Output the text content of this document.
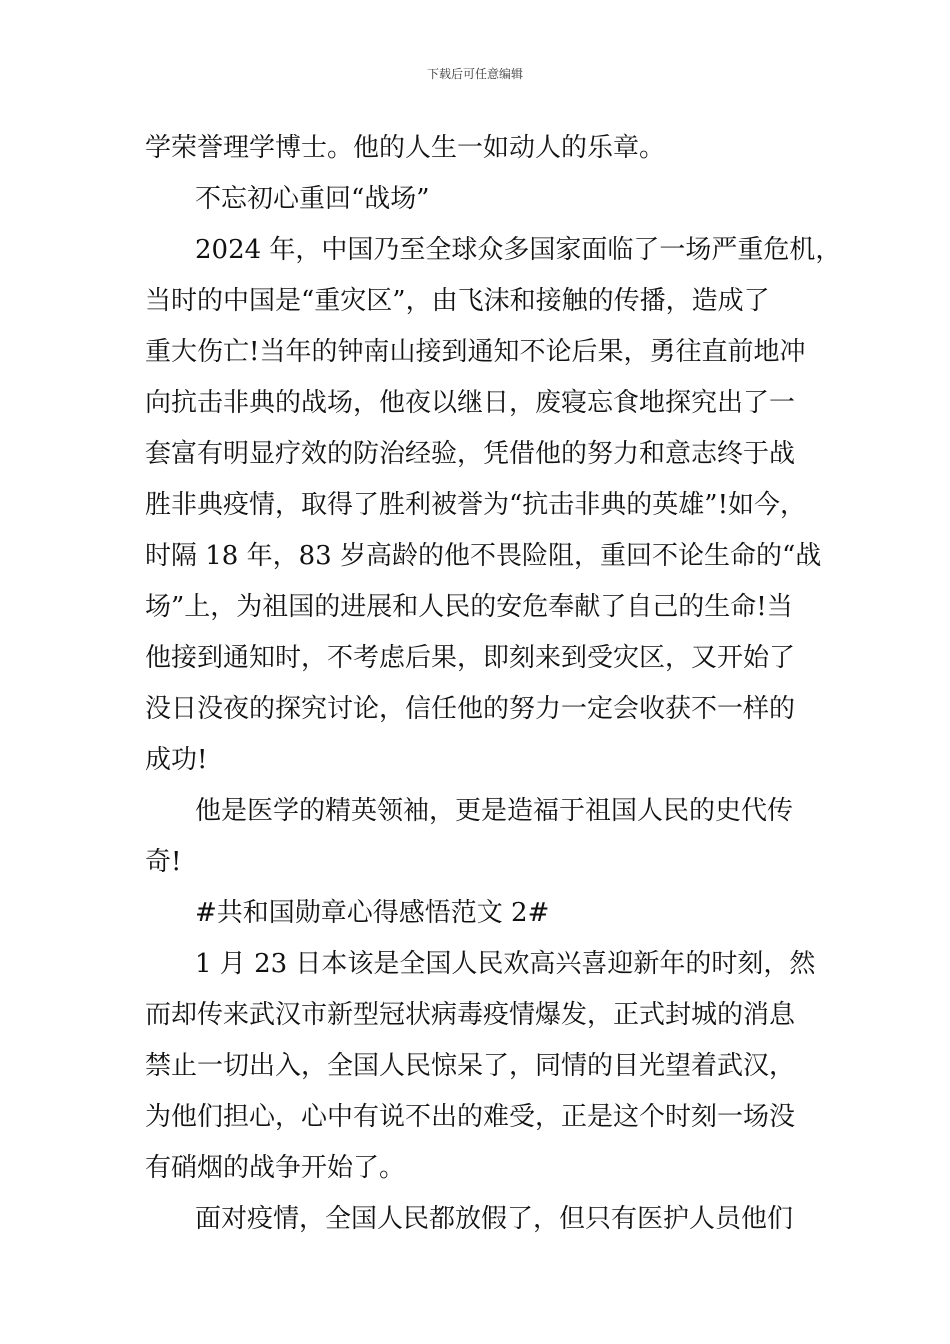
下载后可任意编辑
学荣誉理学博士。他的人生一如动人的乐章。
不忘初心重回“战场”
2024 年，中国乃至全球众多国家面临了一场严重危机，
当时的中国是“重灾区”，由飞沫和接触的传播，造成了
重大伤亡!当年的钟南山接到通知不论后果，勇往直前地冲
向抗击非典的战场，他夜以继日，废寝忘食地探究出了一
套富有明显疗效的防治经验，凭借他的努力和意志终于战
胜非典疫情，取得了胜利被誉为“抗击非典的英雄”!如今，
时隔 18 年，83 岁高龄的他不畏险阻，重回不论生命的“战
场”上，为祖国的进展和人民的安危奉献了自己的生命!当
他接到通知时，不考虑后果，即刻来到受灾区，又开始了
没日没夜的探究讨论，信任他的努力一定会收获不一样的
成功!
他是医学的精英领袖，更是造福于祖国人民的史代传
奇!
#共和国勋章心得感悟范文 2#
1 月 23 日本该是全国人民欢高兴喜迎新年的时刻，然
而却传来武汉市新型冠状病毒疫情爆发，正式封城的消息
禁止一切出入，全国人民惊呆了，同情的目光望着武汉，
为他们担心，心中有说不出的难受，正是这个时刻一场没
有硝烟的战争开始了。
面对疫情，全国人民都放假了，但只有医护人员他们
